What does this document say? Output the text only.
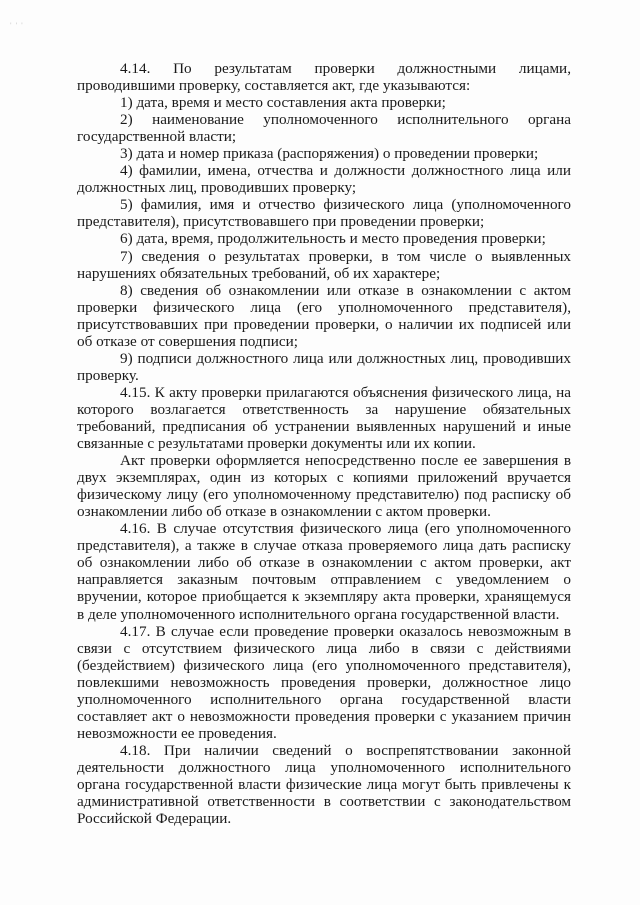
' ' '

4.14. По результатам проверки должностными лицами, проводившими проверку, составляется акт, где указываются:

1) дата, время и место составления акта проверки;

2) наименование уполномоченного исполнительного органа государственной власти;

3) дата и номер приказа (распоряжения) о проведении проверки;

4) фамилии, имена, отчества и должности должностного лица или должностных лиц, проводивших проверку;

5) фамилия, имя и отчество физического лица (уполномоченного представителя), присутствовавшего при проведении проверки;

6) дата, время, продолжительность и место проведения проверки;

7) сведения о результатах проверки, в том числе о выявленных нарушениях обязательных требований, об их характере;

8) сведения об ознакомлении или отказе в ознакомлении с актом проверки физического лица (его уполномоченного представителя), присутствовавших при проведении проверки, о наличии их подписей или об отказе от совершения подписи;

9) подписи должностного лица или должностных лиц, проводивших проверку.

4.15. К акту проверки прилагаются объяснения физического лица, на которого возлагается ответственность за нарушение обязательных требований, предписания об устранении выявленных нарушений и иные связанные с результатами проверки документы или их копии.

Акт проверки оформляется непосредственно после ее завершения в двух экземплярах, один из которых с копиями приложений вручается физическому лицу (его уполномоченному представителю) под расписку об ознакомлении либо об отказе в ознакомлении с актом проверки.

4.16. В случае отсутствия физического лица (его уполномоченного представителя), а также в случае отказа проверяемого лица дать расписку об ознакомлении либо об отказе в ознакомлении с актом проверки, акт направляется заказным почтовым отправлением с уведомлением о вручении, которое приобщается к экземпляру акта проверки, хранящемуся в деле уполномоченного исполнительного органа государственной власти.

4.17. В случае если проведение проверки оказалось невозможным в связи с отсутствием физического лица либо в связи с действиями (бездействием) физического лица (его уполномоченного представителя), повлекшими невозможность проведения проверки, должностное лицо уполномоченного исполнительного органа государственной власти составляет акт о невозможности проведения проверки с указанием причин невозможности ее проведения.

4.18. При наличии сведений о воспрепятствовании законной деятельности должностного лица уполномоченного исполнительного органа государственной власти физические лица могут быть привлечены к административной ответственности в соответствии с законодательством Российской Федерации.
